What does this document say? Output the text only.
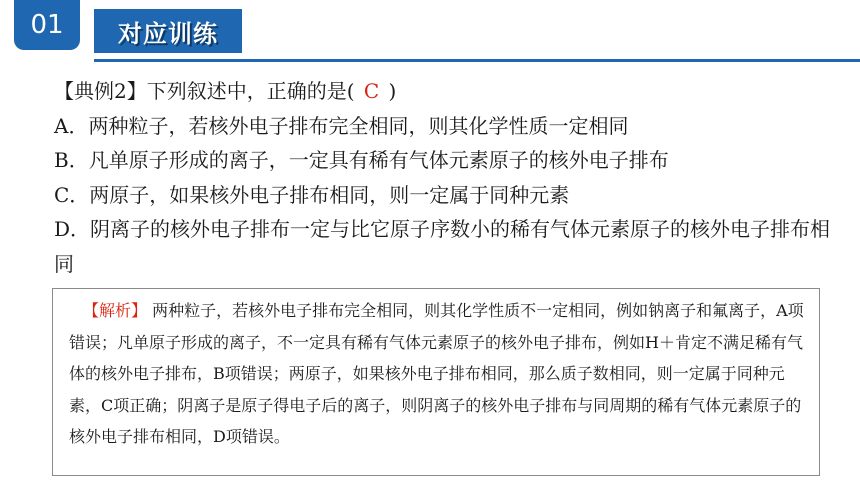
01 对应训练

【典例2】下列叙述中，正确的是( C )

A．两种粒子，若核外电子排布完全相同，则其化学性质一定相同

B．凡单原子形成的离子，一定具有稀有气体元素原子的核外电子排布

C．两原子，如果核外电子排布相同，则一定属于同种元素

D．阴离子的核外电子排布一定与比它原子序数小的稀有气体元素原子的核外电子排布相同

【解析】 两种粒子，若核外电子排布完全相同，则其化学性质不一定相同，例如钠离子和氟离子，A项错误；凡单原子形成的离子，不一定具有稀有气体元素原子的核外电子排布，例如H＋肯定不满足稀有气体的核外电子排布，B项错误；两原子，如果核外电子排布相同，那么质子数相同，则一定属于同种元素，C项正确；阴离子是原子得电子后的离子，则阴离子的核外电子排布与同周期的稀有气体元素原子的核外电子排布相同，D项错误。
